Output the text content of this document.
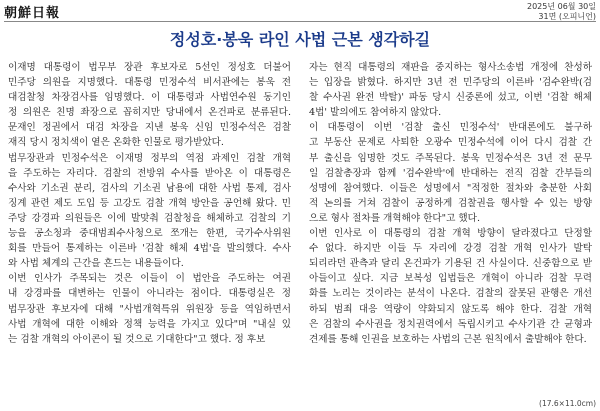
朝鮮日報	2025년 06월 30일
31면 (오피니언)
정성호·봉욱 라인 사법 근본 생각하길
이재명 대통령이 법무부 장관 후보자로 5선인 정성호 더불어
민주당 의원을 지명했다. 대통령 민정수석 비서관에는 봉욱 전
대검찰청 차장검사를 임명했다. 이 대통령과 사법연수원 동기인
정 의원은 친명 좌장으로 꼽히지만 당내에서 온건파로 분류된다.
문재인 정권에서 대검 차장을 지낸 봉욱 신임 민정수석은 검찰
재직 당시 정치색이 옅은 온화한 인물로 평가받았다.
법무장관과 민정수석은 이재명 정부의 역점 과제인 검찰 개혁
을 주도하는 자리다. 검찰의 전방위 수사를 받아온 이 대통령은
수사와 기소권 분리, 검사의 기소권 남용에 대한 사법 통제, 검사
징계 관련 제도 도입 등 고강도 검찰 개혁 방안을 공언해 왔다. 민
주당 강경파 의원들은 이에 발맞춰 검찰청을 해체하고 검찰의 기
능을 공소청과 중대범죄수사청으로 쪼개는 한편, 국가수사위원
회를 만들어 통제하는 이른바 '검찰 해체 4법'을 발의했다. 수사
와 사법 체계의 근간을 흔드는 내용들이다.
이번 인사가 주목되는 것은 이들이 이 법안을 주도하는 여권
내 강경파를 대변하는 인물이 아니라는 점이다. 대통령실은 정
법무장관 후보자에 대해 "사법개혁특위 위원장 등을 역임하면서
사법 개혁에 대한 이해와 정책 능력을 가지고 있다"며 "내실 있
는 검찰 개혁의 아이콘이 될 것으로 기대한다"고 했다. 정 후보
자는 현직 대통령의 재판을 중지하는 형사소송법 개정에 찬성하
는 입장을 밝혔다. 하지만 3년 전 민주당의 이른바 '검수완박(검
찰 수사권 완전 박탈)' 파동 당시 신중론에 섰고, 이번 '검찰 해체
4법' 발의에도 참여하지 않았다.
이 대통령이 이번 '검찰 출신 민정수석' 반대론에도 불구하
고 부동산 문제로 사퇴한 오광수 민정수석에 이어 다시 검찰 간
부 출신을 임명한 것도 주목된다. 봉욱 민정수석은 3년 전 문무
일 검찰총장과 함께 '검수완박'에 반대하는 전직 검찰 간부들의
성명에 참여했다. 이들은 성명에서 "적정한 절차와 충분한 사회
적 논의를 거쳐 검찰이 공정하게 검찰권을 행사할 수 있는 방향
으로 형사 절차를 개혁해야 한다"고 했다.
이번 인사로 이 대통령의 검찰 개혁 방향이 달라졌다고 단정할
수 없다. 하지만 이들 두 자리에 강경 검찰 개혁 인사가 발탁
되리라던 관측과 달리 온건파가 기용된 건 사실이다. 신중함으로 받
아들이고 싶다. 지금 보복성 입법들은 개혁이 아니라 검찰 무력
화를 노리는 것이라는 분석이 나온다. 검찰의 잘못된 관행은 개선
하되 범죄 대응 역량이 약화되지 않도록 해야 한다. 검찰 개혁
은 검찰의 수사권을 정치권력에서 독립시키고 수사기관 간 균형과
견제를 통해 인권을 보호하는 사법의 근본 원칙에서 출발해야 한다.
(17.6×11.0cm)
